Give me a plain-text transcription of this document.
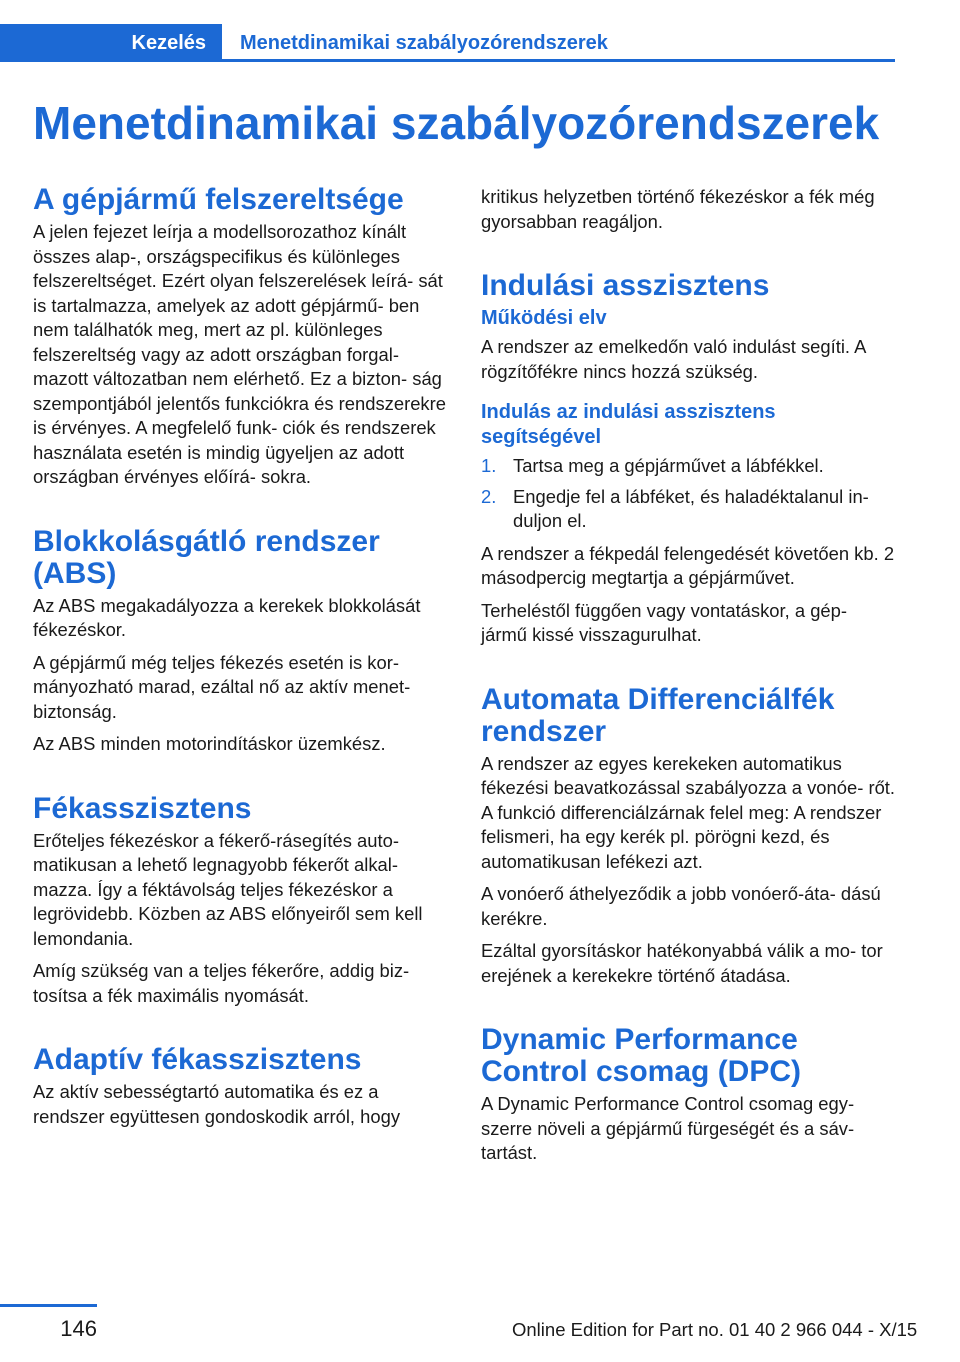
Kezelés	Menetdinamikai szabályozórendszerek
Menetdinamikai szabályozórendszerek
A gépjármű felszereltsége

A jelen fejezet leírja a modellsorozathoz kínált összes alap-, országspecifikus és különleges felszereltséget. Ezért olyan felszerelések leírá- sát is tartalmazza, amelyek az adott gépjármű- ben nem találhatók meg, mert az pl. különleges felszereltség vagy az adott országban forgal- mazott változatban nem elérhető. Ez a bizton- ság szempontjából jelentős funkciókra és rendszerekre is érvényes. A megfelelő funk- ciók és rendszerek használata esetén is mindig ügyeljen az adott országban érvényes előírá- sokra.

Blokkolásgátló rendszer (ABS)

Az ABS megakadályozza a kerekek blokkolását fékezéskor.

A gépjármű még teljes fékezés esetén is kor- mányozható marad, ezáltal nő az aktív menet- biztonság.

Az ABS minden motorindításkor üzemkész.

Fékasszisztens

Erőteljes fékezéskor a fékerő-rásegítés auto- matikusan a lehető legnagyobb fékerőt alkal- mazza. Így a féktávolság teljes fékezéskor a legrövidebb. Közben az ABS előnyeiről sem kell lemondania.

Amíg szükség van a teljes fékerőre, addig biz- tosítsa a fék maximális nyomását.

Adaptív fékasszisztens

Az aktív sebességtartó automatika és ez a rendszer együttesen gondoskodik arról, hogy

kritikus helyzetben történő fékezéskor a fék még gyorsabban reagáljon.

Indulási asszisztens
Működési elv

A rendszer az emelkedőn való indulást segíti. A rögzítőfékre nincs hozzá szükség.

Indulás az indulási asszisztens segítségével
1. Tartsa meg a gépjárművet a lábfékkel.
2. Engedje fel a lábféket, és haladéktalanul in- duljon el.

A rendszer a fékpedál felengedését követően kb. 2 másodpercig megtartja a gépjárművet.

Terheléstől függően vagy vontatáskor, a gép- jármű kissé visszagurulhat.

Automata Differenciálfék rendszer

A rendszer az egyes kerekeken automatikus fékezési beavatkozással szabályozza a vonóe- rőt. A funkció differenciálzárnak felel meg: A rendszer felismeri, ha egy kerék pl. pörögni kezd, és automatikusan lefékezi azt.

A vonóerő áthelyeződik a jobb vonóerő-áta- dású kerékre.

Ezáltal gyorsításkor hatékonyabbá válik a mo- tor erejének a kerekekre történő átadása.

Dynamic Performance Control csomag (DPC)

A Dynamic Performance Control csomag egy- szerre növeli a gépjármű fürgeségét és a sáv- tartást.

146	Online Edition for Part no. 01 40 2 966 044 - X/15
